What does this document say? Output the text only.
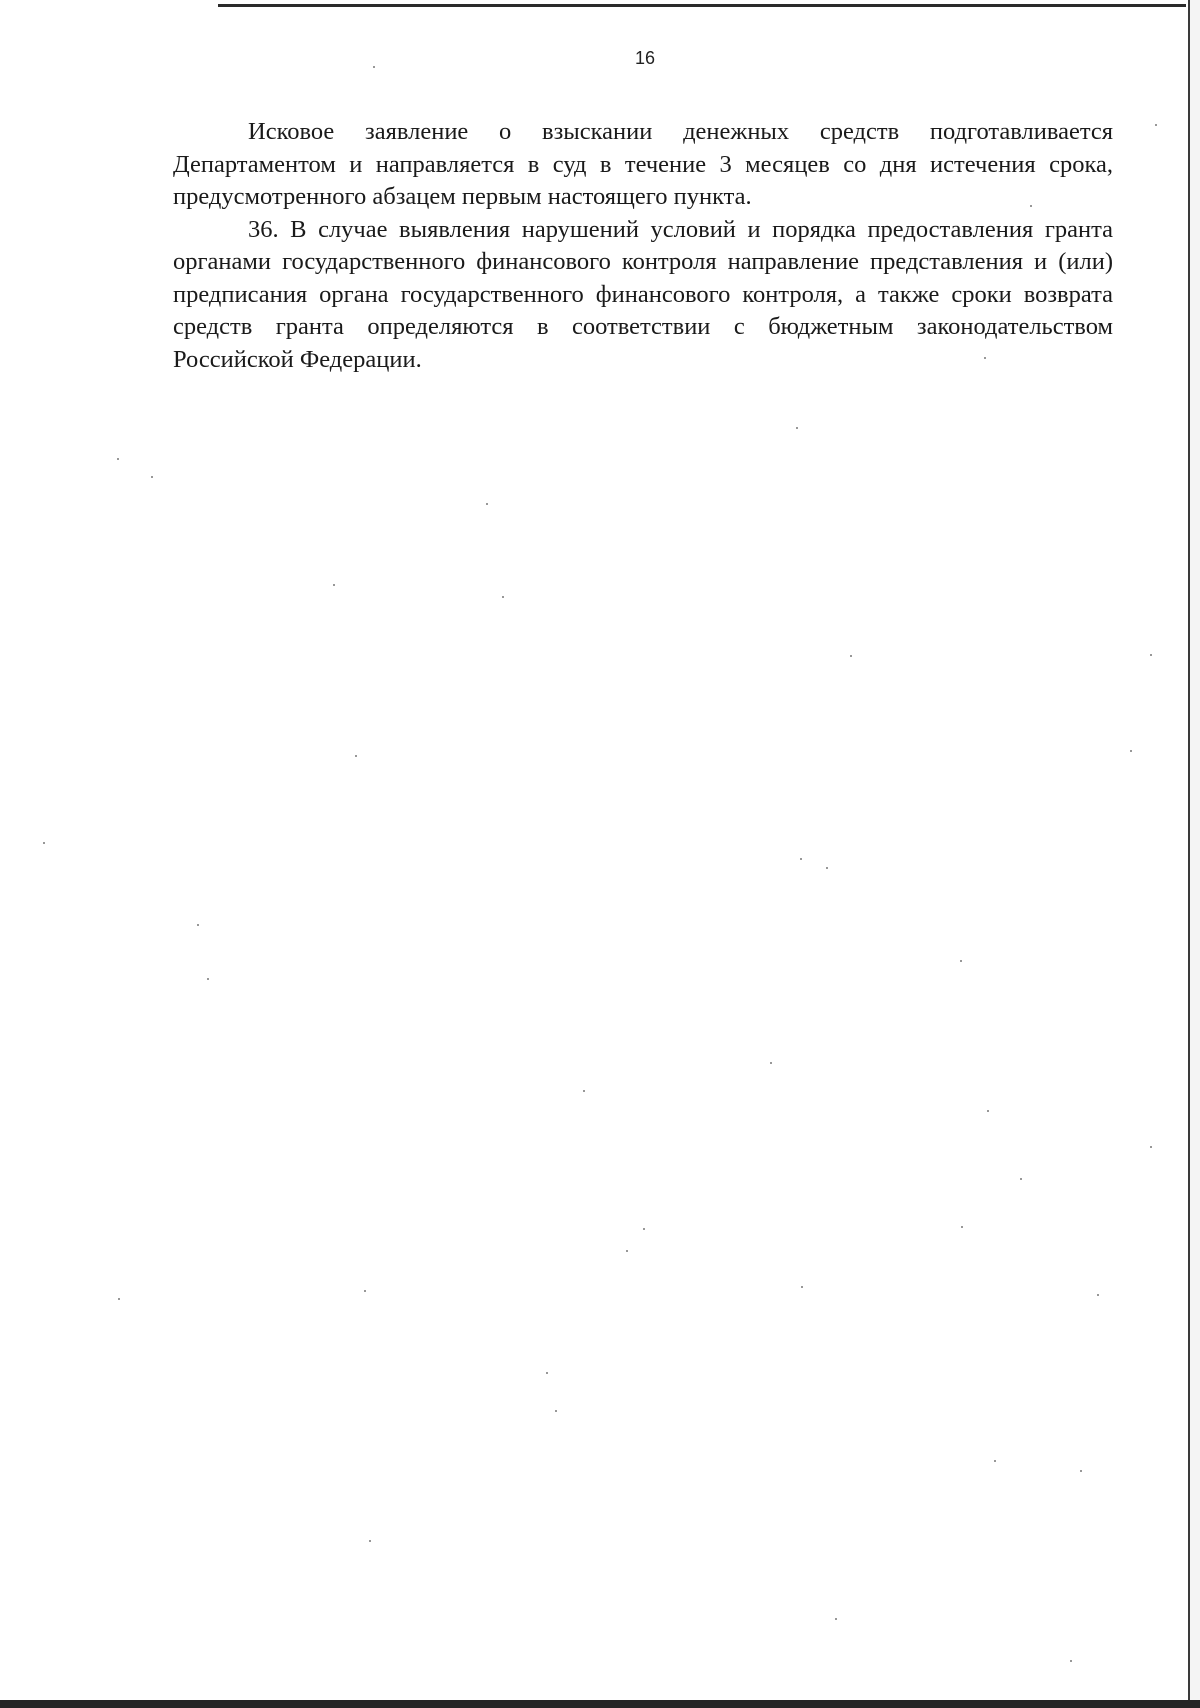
16

Исковое заявление о взыскании денежных средств подготавливается Департаментом и направляется в суд в течение 3 месяцев со дня истечения срока, предусмотренного абзацем первым настоящего пункта.

36. В случае выявления нарушений условий и порядка предоставления гранта органами государственного финансового контроля направление представления и (или) предписания органа государственного финансового контроля, а также сроки возврата средств гранта определяются в соответствии с бюджетным законодательством Российской Федерации.
